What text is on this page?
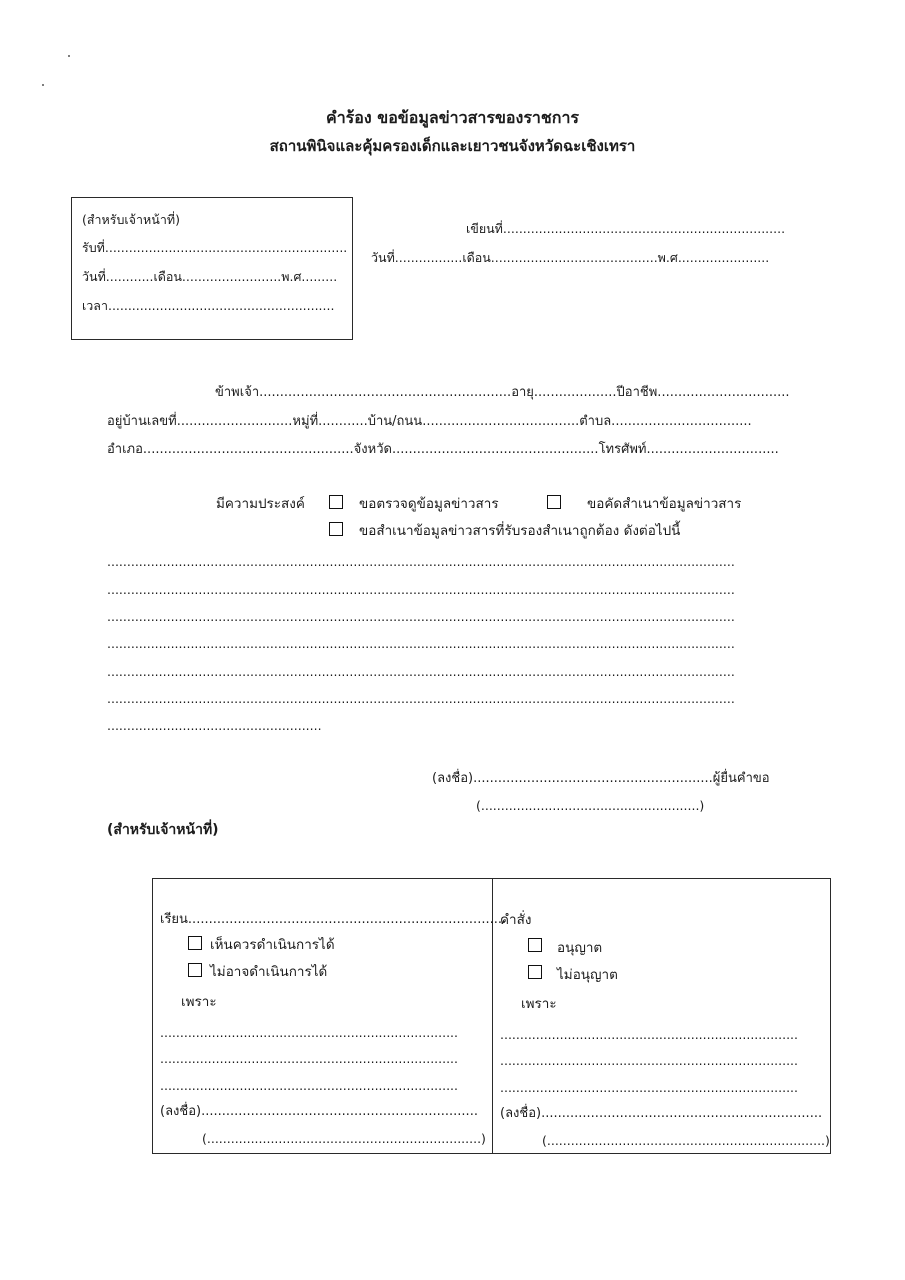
คำร้อง ขอข้อมูลข่าวสารของราชการ
สถานพินิจและคุ้มครองเด็กและเยาวชนจังหวัดฉะเชิงเทรา
(สำหรับเจ้าหน้าที่)
รับที่.............................................................
วันที่............เดือน.........................พ.ศ.........
เวลา.........................................................
เขียนที่.......................................................................
วันที่.................เดือน..........................................พ.ศ.......................
ข้าพเจ้า.............................................................อายุ....................ปีอาชีพ................................
อยู่บ้านเลขที่............................หมู่ที่............บ้าน/ถนน......................................ตำบล..................................
อำเภอ...................................................จังหวัด..................................................โทรศัพท์................................
มีความประสงค์	ขอตรวจดูข้อมูลข่าวสาร	ขอคัดสำเนาข้อมูลข่าวสาร
ขอสำเนาข้อมูลข่าวสารที่รับรองสำเนาถูกต้อง ดังต่อไปนี้
..............................................................................................................................................................
..............................................................................................................................................................
..............................................................................................................................................................
..............................................................................................................................................................
..............................................................................................................................................................
..............................................................................................................................................................
......................................................
(ลงชื่อ)..........................................................ผู้ยื่นคำขอ
(.......................................................)
(สำหรับเจ้าหน้าที่)
เรียน.............................................................................
เห็นควรดำเนินการได้
ไม่อาจดำเนินการได้
เพราะ
...........................................................................
...........................................................................
...........................................................................
(ลงชื่อ)...................................................................
(.....................................................................)
คำสั่ง
อนุญาต
ไม่อนุญาต
เพราะ
...........................................................................
...........................................................................
...........................................................................
(ลงชื่อ)....................................................................
(......................................................................)
